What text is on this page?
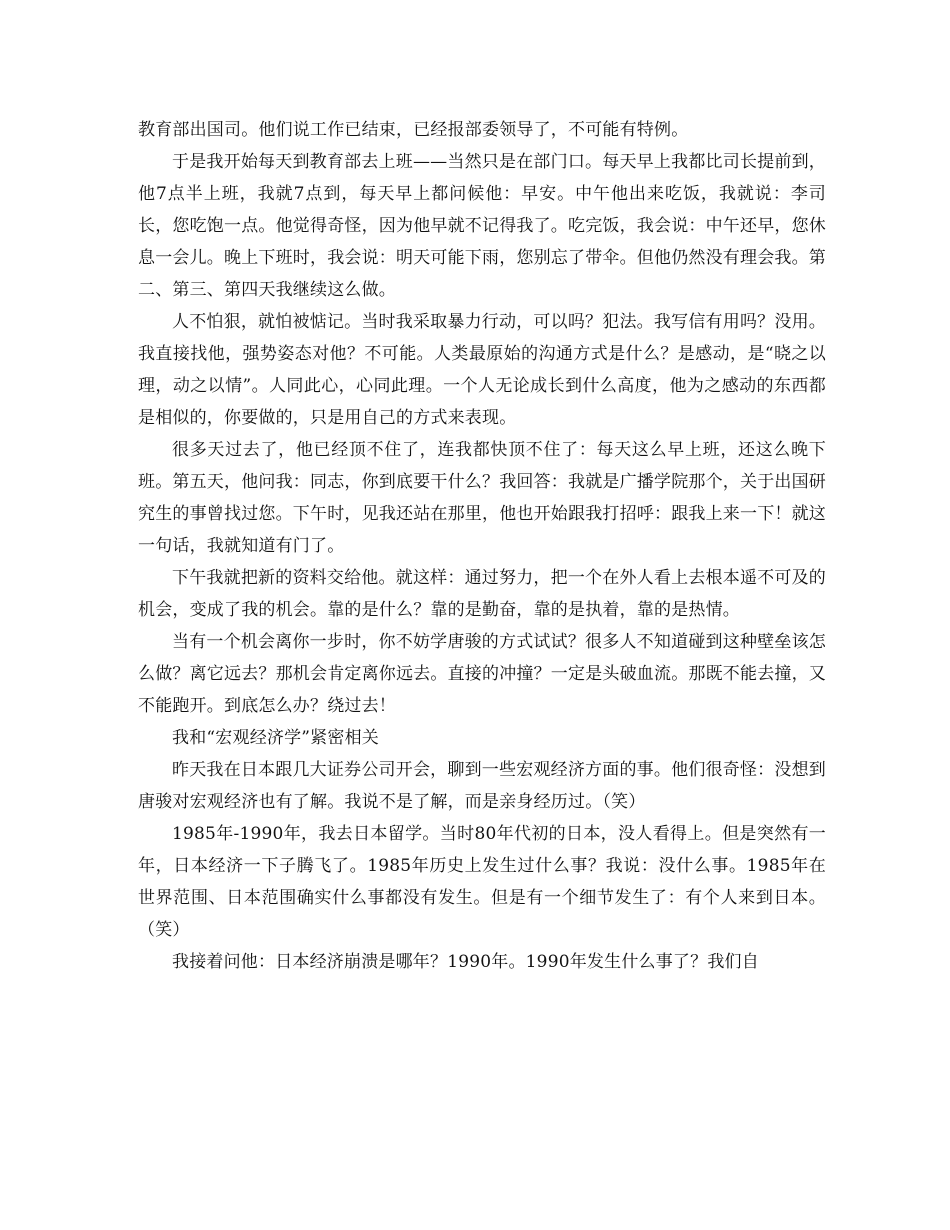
教育部出国司。他们说工作已结束，已经报部委领导了，不可能有特例。

于是我开始每天到教育部去上班——当然只是在部门口。每天早上我都比司长提前到，他7点半上班，我就7点到，每天早上都问候他：早安。中午他出来吃饭，我就说：李司长，您吃饱一点。他觉得奇怪，因为他早就不记得我了。吃完饭，我会说：中午还早，您休息一会儿。晚上下班时，我会说：明天可能下雨，您别忘了带伞。但他仍然没有理会我。第二、第三、第四天我继续这么做。

人不怕狠，就怕被惦记。当时我采取暴力行动，可以吗？犯法。我写信有用吗？没用。我直接找他，强势姿态对他？不可能。人类最原始的沟通方式是什么？是感动，是“晓之以理，动之以情”。人同此心，心同此理。一个人无论成长到什么高度，他为之感动的东西都是相似的，你要做的，只是用自己的方式来表现。

很多天过去了，他已经顶不住了，连我都快顶不住了：每天这么早上班，还这么晚下班。第五天，他问我：同志，你到底要干什么？我回答：我就是广播学院那个，关于出国研究生的事曾找过您。下午时，见我还站在那里，他也开始跟我打招呼：跟我上来一下！就这一句话，我就知道有门了。

下午我就把新的资料交给他。就这样：通过努力，把一个在外人看上去根本遥不可及的机会，变成了我的机会。靠的是什么？靠的是勤奋，靠的是执着，靠的是热情。

当有一个机会离你一步时，你不妨学唐骏的方式试试？很多人不知道碰到这种壁垒该怎么做？离它远去？那机会肯定离你远去。直接的冲撞？一定是头破血流。那既不能去撞，又不能跑开。到底怎么办？绕过去！

我和“宏观经济学”紧密相关

昨天我在日本跟几大证券公司开会，聊到一些宏观经济方面的事。他们很奇怪：没想到唐骏对宏观经济也有了解。我说不是了解，而是亲身经历过。（笑）

1985年-1990年，我去日本留学。当时80年代初的日本，没人看得上。但是突然有一年，日本经济一下子腾飞了。1985年历史上发生过什么事？我说：没什么事。1985年在世界范围、日本范围确实什么事都没有发生。但是有一个细节发生了：有个人来到日本。（笑）

我接着问他：日本经济崩溃是哪年？1990年。1990年发生什么事了？我们自
